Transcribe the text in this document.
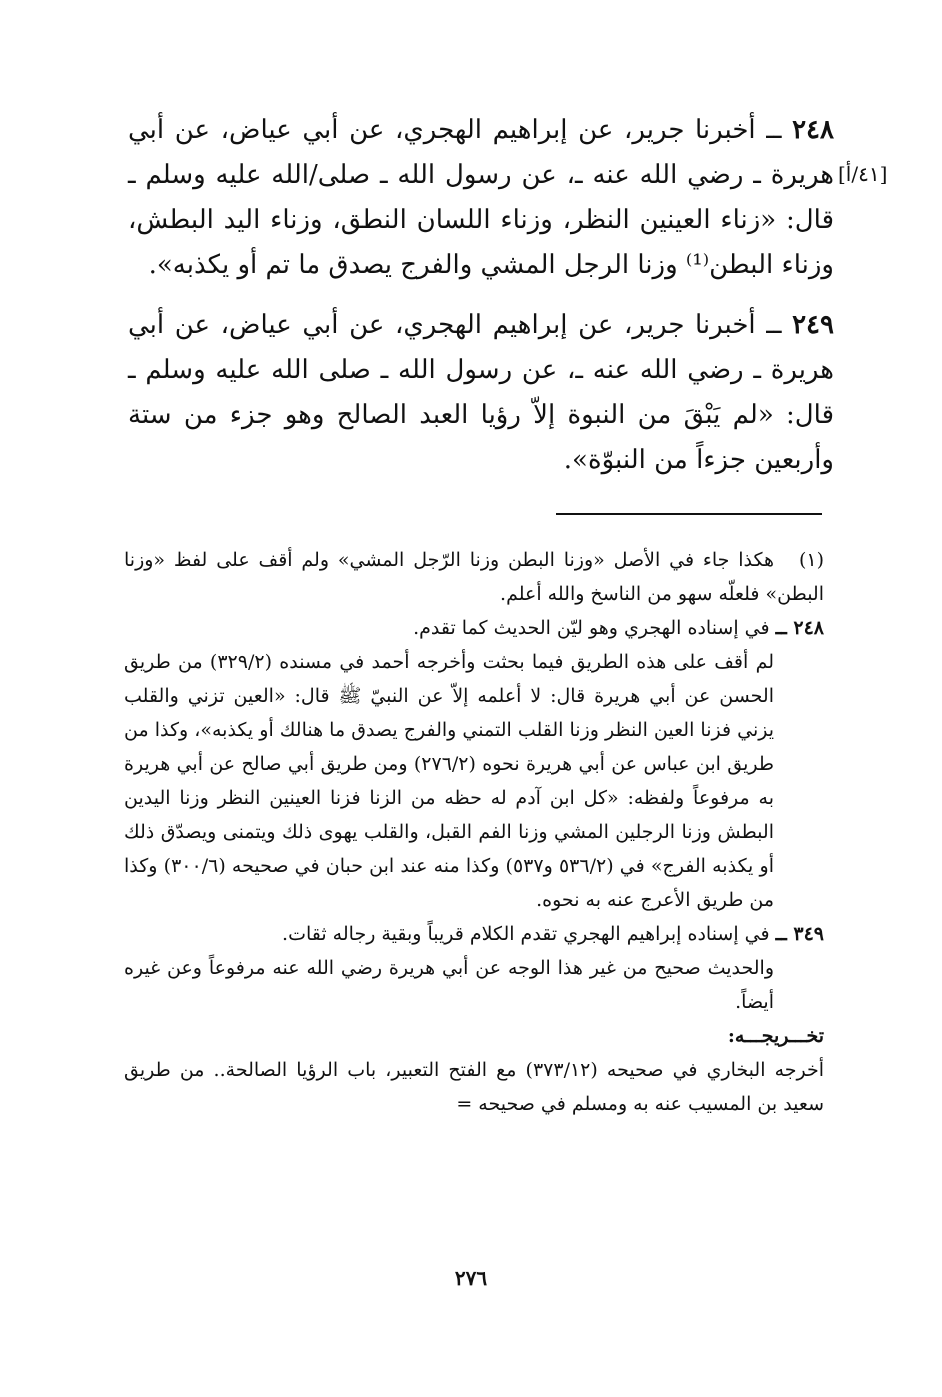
[٤١/أ]

٢٤٨ ــ أخبرنا جرير، عن إبراهيم الهجري، عن أبي عياض، عن أبي هريرة ـ رضي الله عنه ـ، عن رسول الله ـ صلى/الله عليه وسلم ـ قال: «زناء العينين النظر، وزناء اللسان النطق، وزناء اليد البطش، وزناء البطن⁽¹⁾ وزنا الرجل المشي والفرج يصدق ما تم أو يكذبه».

٢٤٩ ــ أخبرنا جرير، عن إبراهيم الهجري، عن أبي عياض، عن أبي هريرة ـ رضي الله عنه ـ، عن رسول الله ـ صلى الله عليه وسلم ـ قال: «لم يَبْقَ من النبوة إلاّ رؤيا العبد الصالح وهو جزء من ستة وأربعين جزءاً من النبوّة».

(١)هكذا جاء في الأصل «وزنا البطن وزنا الرّجل المشي» ولم أقف على لفظ «وزنا البطن» فلعلّه سهو من الناسخ والله أعلم.

٢٤٨ ــ في إسناده الهجري وهو ليّن الحديث كما تقدم.

لم أقف على هذه الطريق فيما بحثت وأخرجه أحمد في مسنده (٣٢٩/٢) من طريق الحسن عن أبي هريرة قال: لا أعلمه إلاّ عن النبيّ ﷺ قال: «العين تزني والقلب يزني فزنا العين النظر وزنا القلب التمني والفرج يصدق ما هنالك أو يكذبه»، وكذا من طريق ابن عباس عن أبي هريرة نحوه (٢٧٦/٢) ومن طريق أبي صالح عن أبي هريرة به مرفوعاً ولفظه: «كل ابن آدم له حظه من الزنا فزنا العينين النظر وزنا اليدين البطش وزنا الرجلين المشي وزنا الفم القبل، والقلب يهوى ذلك ويتمنى ويصدّق ذلك أو يكذبه الفرج» في (٥٣٦/٢ و٥٣٧) وكذا منه عند ابن حبان في صحيحه (٣٠٠/٦) وكذا من طريق الأعرج عنه به نحوه.

٣٤٩ ــ في إسناده إبراهيم الهجري تقدم الكلام قريباً وبقية رجاله ثقات.

والحديث صحيح من غير هذا الوجه عن أبي هريرة رضي الله عنه مرفوعاً وعن غيره أيضاً.

تخـــريجـــه:

أخرجه البخاري في صحيحه (٣٧٣/١٢) مع الفتح التعبير، باب الرؤيا الصالحة.. من طريق سعيد بن المسيب عنه به ومسلم في صحيحه =

٢٧٦
